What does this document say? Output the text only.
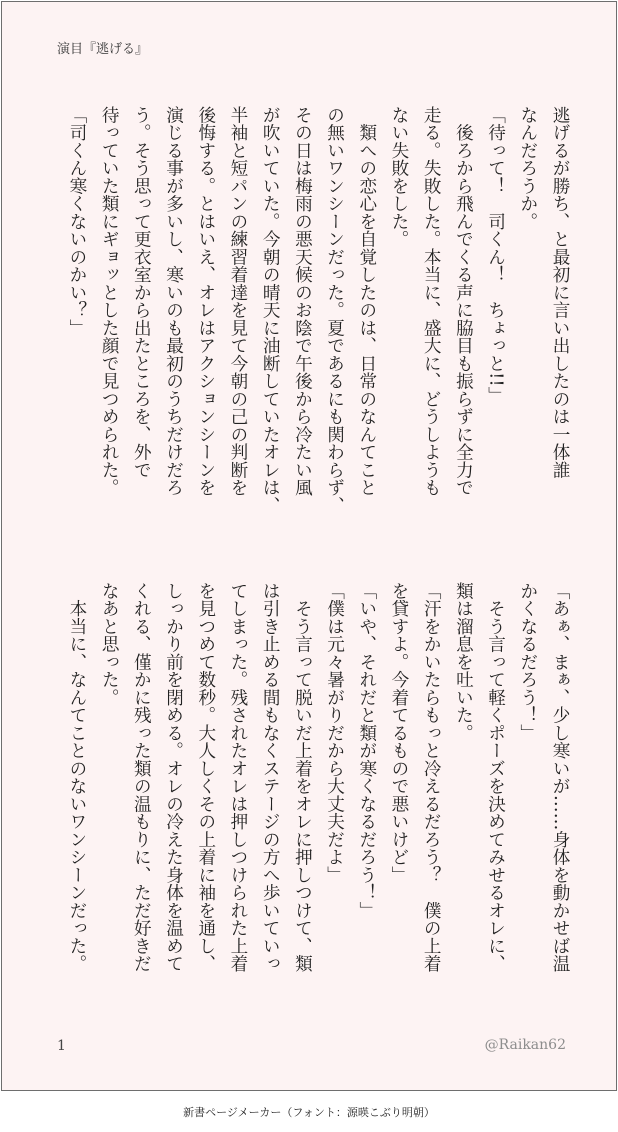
演目『逃げる』

逃げるが勝ち、と最初に言い出したのは一体誰

なんだろうか。

「待って！　司くん！　ちょっと!!」

　後ろから飛んでくる声に脇目も振らずに全力で

走る。失敗した。本当に、盛大に、どうしようも

ない失敗をした。

　類への恋心を自覚したのは、日常のなんてこと

の無いワンシーンだった。夏であるにも関わらず、

その日は梅雨の悪天候のお陰で午後から冷たい風

が吹いていた。今朝の晴天に油断していたオレは、

半袖と短パンの練習着達を見て今朝の己の判断を

後悔する。とはいえ、オレはアクションシーンを

演じる事が多いし、寒いのも最初のうちだけだろ

う。そう思って更衣室から出たところを、外で

待っていた類にギョッとした顔で見つめられた。

「司くん寒くないのかい？」

「あぁ、まぁ、少し寒いが……身体を動かせば温

かくなるだろう！」

　そう言って軽くポーズを決めてみせるオレに、

類は溜息を吐いた。

「汗をかいたらもっと冷えるだろう？　僕の上着

を貸すよ。今着てるもので悪いけど」

「いや、それだと類が寒くなるだろう！」

「僕は元々暑がりだから大丈夫だよ」

　そう言って脱いだ上着をオレに押しつけて、類

は引き止める間もなくステージの方へ歩いていっ

てしまった。残されたオレは押しつけられた上着

を見つめて数秒。大人しくその上着に袖を通し、

しっかり前を閉める。オレの冷えた身体を温めて

くれる、僅かに残った類の温もりに、ただ好きだ

なあと思った。

　本当に、なんてことのないワンシーンだった。

1	@Raikan62
新書ページメーカー（フォント：源暎こぶり明朝）
